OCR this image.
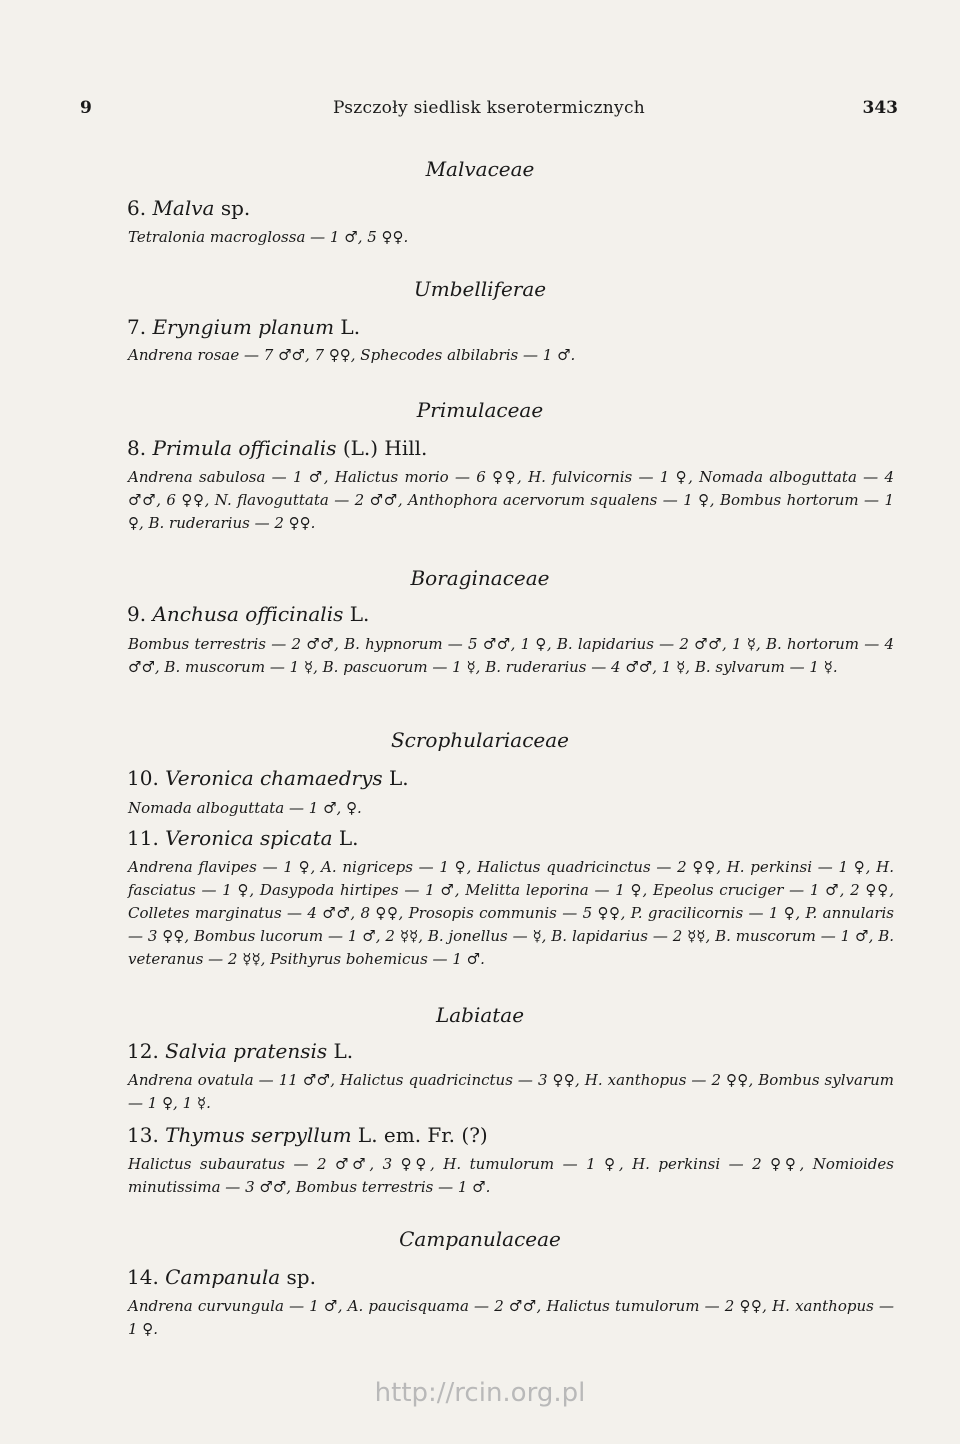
9	Pszczoły siedlisk kserotermicznych	343
Malvaceae
6. Malva sp.
Tetralonia macroglossa — 1 ♂, 5 ♀♀.
Umbelliferae
7. Eryngium planum L.
Andrena rosae — 7 ♂♂, 7 ♀♀, Sphecodes albilabris — 1 ♂.
Primulaceae
8. Primula officinalis (L.) Hill.
Andrena sabulosa — 1 ♂, Halictus morio — 6 ♀♀, H. fulvicornis — 1 ♀, Nomada alboguttata — 4 ♂♂, 6 ♀♀, N. flavoguttata — 2 ♂♂, Anthophora acervorum squalens — 1 ♀, Bombus hortorum — 1 ♀, B. ruderarius — 2 ♀♀.
Boraginaceae
9. Anchusa officinalis L.
Bombus terrestris — 2 ♂♂, B. hypnorum — 5 ♂♂, 1 ♀, B. lapidarius — 2 ♂♂, 1 ☿, B. hortorum — 4 ♂♂, B. muscorum — 1 ☿, B. pascuorum — 1 ☿, B. ruderarius — 4 ♂♂, 1 ☿, B. sylvarum — 1 ☿.
Scrophulariaceae
10. Veronica chamaedrys L.
Nomada alboguttata — 1 ♂, ♀.
11. Veronica spicata L.
Andrena flavipes — 1 ♀, A. nigriceps — 1 ♀, Halictus quadricinctus — 2 ♀♀, H. perkinsi — 1 ♀, H. fasciatus — 1 ♀, Dasypoda hirtipes — 1 ♂, Melitta leporina — 1 ♀, Epeolus cruciger — 1 ♂, 2 ♀♀, Colletes marginatus — 4 ♂♂, 8 ♀♀, Prosopis communis — 5 ♀♀, P. gracilicornis — 1 ♀, P. annularis — 3 ♀♀, Bombus lucorum — 1 ♂, 2 ☿☿, B. jonellus — ☿, B. lapidarius — 2 ☿☿, B. muscorum — 1 ♂, B. veteranus — 2 ☿☿, Psithyrus bohemicus — 1 ♂.
Labiatae
12. Salvia pratensis L.
Andrena ovatula — 11 ♂♂, Halictus quadricinctus — 3 ♀♀, H. xanthopus — 2 ♀♀, Bombus sylvarum — 1 ♀, 1 ☿.
13. Thymus serpyllum L. em. Fr. (?)
Halictus subauratus — 2 ♂♂, 3 ♀♀, H. tumulorum — 1 ♀, H. perkinsi — 2 ♀♀, Nomioides minutissima — 3 ♂♂, Bombus terrestris — 1 ♂.
Campanulaceae
14. Campanula sp.
Andrena curvungula — 1 ♂, A. paucisquama — 2 ♂♂, Halictus tumulorum — 2 ♀♀, H. xanthopus — 1 ♀.
http://rcin.org.pl
